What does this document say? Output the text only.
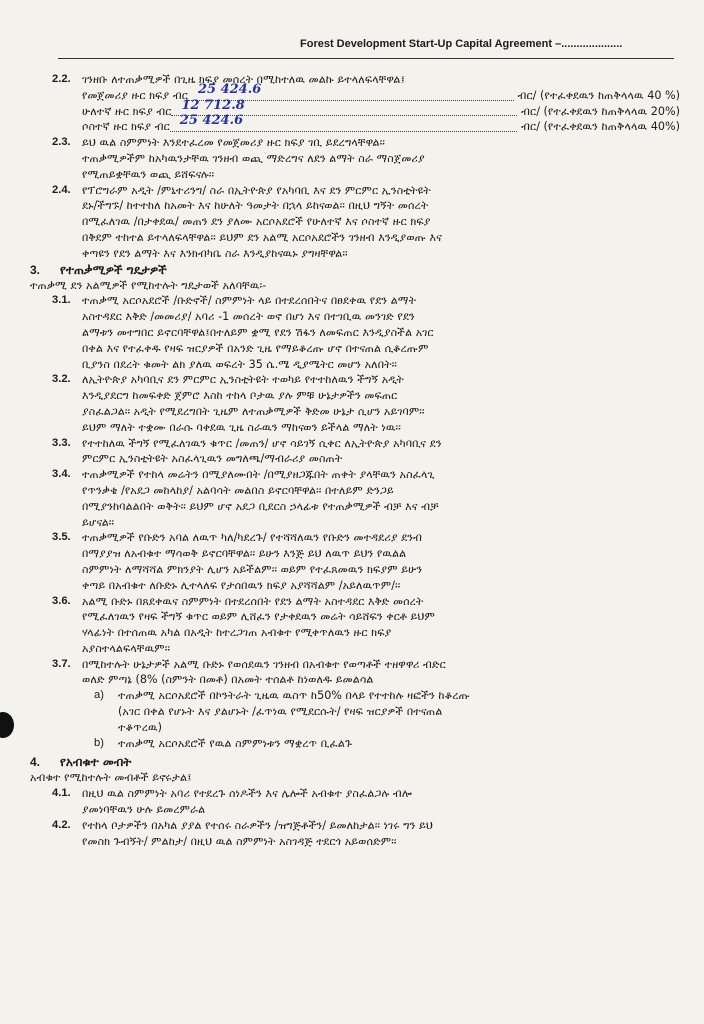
Forest Development Start-Up Capital Agreement –....................
2.2.	ገንዘቡ ለተጠቃሚዎች በጊዜ ክፍያ መሰረት በሚከተለዉ መልኩ ይተላለፍላቸዋል፤
የመጀመሪያ ዙር ክፍያ ብር 25 424.6	ብር/ (የተፈቀደዉን ከጠቅላላዉ 40 %)
ሁለተኛ ዙር ክፍያ ብር 12 712.8	ብር/ (የተፈቀደዉን ከጠቅላላዉ 20%)
ሶስተኛ ዙር ክፍያ ብር 25 424.6	ብር/ (የተፈቀደዉን ከጠቅላላዉ 40%)
2.3.	ይህ ዉል ስምምነት እንደተፈረመ የመጀመሪያ ዙር ክፍያ ገቢ ይደረግላቸዋል፡፡
ተጠቃሚዎችም ከአካዉንታቸዉ ገንዘብ ወጪ ማድረግና ለደን ልማት ስራ ማስጀመሪያ
የሚጠይቋቸዉን ወጪ ይሸፍናሉ፡፡
2.4.	የፕሮግራም አዲት /ምኒተሪንግ/ ስራ በኢትዮጵያ የአካባቢ እና ደን ምርምር ኢንስቲትዩት
ደኑ/ችግኙ/ ከተተከለ ከአመት እና ከሁለት ዓመታት በኋላ ይከናወል፡፡ በዚህ ግኝት መሰረት
በሚፈለገዉ /በታቀደዉ/ መጠን ደን ያለሙ አርሶአደሮች የሁለተኛ እና ሶስተኛ ዙር ክፍያ
በቅደም ተከተል ይተላለፍላቸዋል፡፡ ይህም ደን አልሚ አርሶአደሮችን ገንዘብ እንዲያወጡ እና
ቀጣዩን የደን ልማት እና እንክብካቤ ስራ እንዲያከናዉኑ ያግዛቸዋል፡፡
3.	የተጠቃሚዎች ግዴታዎች
ተጠቃሚ ደን አልሚዎች የሚከተሉት ግዴታወች አለባቸዉ፡-
3.1.	ተጠቃሚ አርሶአደሮች /ቡድኖች/ ስምምነት ላይ በተደረሰበትና በፀደቀዉ የደን ልማት
አስተዳደር እቅድ /መመሪያ/ አባሪ -1 መሰረት ወኖ በሆነ እና በተገቢዉ መንገድ የደን
ልማቱን መተግበር ይኖርባቸዋል፤በተለይም ቋሚ የደን ሽፋን ለመፍጠር እንዲያስችል አገር
በቀል እና የተፈቀዱ የዛፍ ዝርያዎች በአንድ ጊዜ የማይቆረጡ ሆኖ በተናጠል ሲቆረጡም
ቢያንስ በደረት ቁመት ልክ ያለዉ ወፍረት 35 ሴ.ሜ ዲያሜትር መሆን አለበት፡፡
3.2.	ለኢትዮጵያ አካባቢና ደን ምርምር ኢንስቲትዩት ተወካይ የተተከለዉን ችግኝ አዲት
እንዲያደርግ ከመፍቀድ ጀምሮ እስከ ተከላ ቦታዉ ያሉ ምቹ ሁኔታዎችን መፍጠር
ያስፈልጋል፡፡ አዲት የሚደረግበት ጊዜም ለተጠቃሚዎች ቅድመ ሁኔታ ሲሆን አይገባም፡፡
ይህም ማለት ተቋሙ በራሱ ባቀደዉ ጊዜ ስራዉን ማከናወን ይችላል ማለት ነዉ፡፡
3.3.	የተተከለዉ ችግኝ የሚፈለገዉን ቁጥር /መጠን/ ሆኖ ሳይገኝ ሲቀር ለኢትዮጵያ አካባቢና ደን
ምርምር ኢንስቲትዩት አስፈላጊዉን መግለጫ/ማብራሪያ መስጠት
3.4.	ተጠቃሚዎች የተከላ መሬትን በሚያለሙበት /በሚያዘጋጁበት ጠቀት ያላቸዉን አስፈላጊ
የጥንቃቄ /የአደጋ መከላከያ/ አልባሳት መልበስ ይኖርባቸዋል፡፡ በተለይም ድንጋይ
በሚያንከባልልበት ወቅት፡፡ ይህም ሆኖ አደጋ ቢደርስ ኃላፊቱ የተጠቃሚዎች ብቻ እና ብቻ
ይሆናል፡፡
3.5.	ተጠቃሚዎች የቡድን አባል ለዉጥ ካለ/ካደረጉ/ የተሻሻለዉን የቡድን መተዳደሪያ ደንብ
በማያያዝ ለአብቁተ ማሳወቅ ይኖርባቸዋል፡፡ ይሁን እንጅ ይህ ለዉጥ ይህን የዉልል
ስምምነት ለማሻሻል ምክንያት ሊሆን አይችልም፡፡ ወይም የተፈጸመዉን ክፍያም ይሁን
ቀጣይ በአብቁተ ለቡድኑ ሊተላለፍ የታሰበዉን ክፍያ አያሻሻልም /አይለዉጥም/፡፡
3.6.	አልሚ ቡድኑ በጸደቀዉና ስምምነት በተደረሰበት የደን ልማት አስተዳደር እቅድ መሰረት
የሚፈለገዉን የዛፍ ችግኝ ቁጥር ወይም ሊሸፈን የታቀደዉን መሬት ሳይሸፍን ቀርቶ ይህም
ሃላፊነት በተሰጠዉ አካል በአዲት ከተረጋገጠ አብቁተ የሚቀጥለዉን ዙር ክፍያ
አያስተላልፍላቸዉም፡፡
3.7.	በሚከተሉት ሁኔታዎች አልሚ ቡድኑ የወሰደዉን ገንዘብ በአብቁተ የወጣቶች ተዘዋዋሪ ብድር
ወለድ ምጣኔ (8% (ስምንት በመቶ) በአመት ተሰልቶ ከነወለዱ ይመልሳል
a)	ተጠቃሚ አርሶአደሮች በኮንትራት ጊዜዉ ዉስጥ ከ50% በላይ የተተከሉ ዛፎችን ከቆረጡ
(አገር በቀል የሆኑት እና ያልሆኑት /ፈጥነዉ የሚደርሱት/ የዛፍ ዝርያዎች በተናጠል
ተቆጥረዉ)
b)	ተጠቃሚ አርሶአደሮች የዉል ስምምነቱን ማቋረጥ ቢፈልጉ
4.	የአብቁተ መብት
አብቁተ የሚከተሉት መብቶች ይኖሩታል፤
4.1.	በዚህ ዉል ስምምነት አባሪ የተደረጉ ሰነዶችን እና ሌሎች አብቁተ ያስፈልጋሉ ብሎ
ያመነባቸዉን ሁሉ ይመረምራል
4.2.	የተከላ ቦታዎችን በአካል ያያል የተሰሩ ስራዎችን /ዝግጅቶችን/ ይመለከታል፡፡ ነገሩ ግን ይህ
የመስክ ጉብኝት/ ምልከታ/ በዚህ ዉል ስምምነት አስገዳጅ ተደርጎ አይወሰድም፡፡
